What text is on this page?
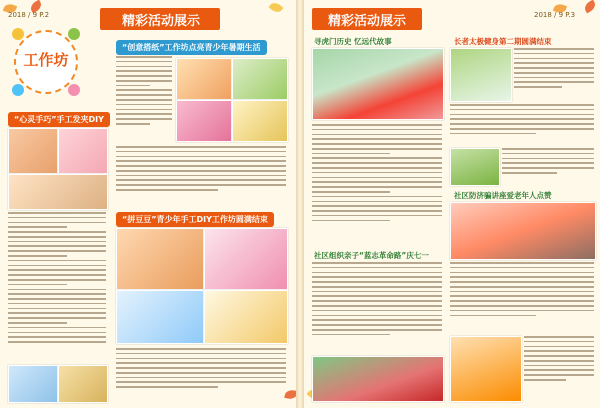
2018 / 9 P.2	精彩活动展示
工作坊
“心灵手巧”手工发夹DIY
“创意搭纸”工作坊点亮青少年暑期生活
“拼豆豆”青少年手工DIY工作坊圆满结束
精彩活动展示	2018 / 9 P.3
寻虎门历史 忆远代故事	长者太极健身第二期圆满结束
社区组织亲子“蓝志革命路”庆七一
社区防济骗讲座爱老年人点赞
